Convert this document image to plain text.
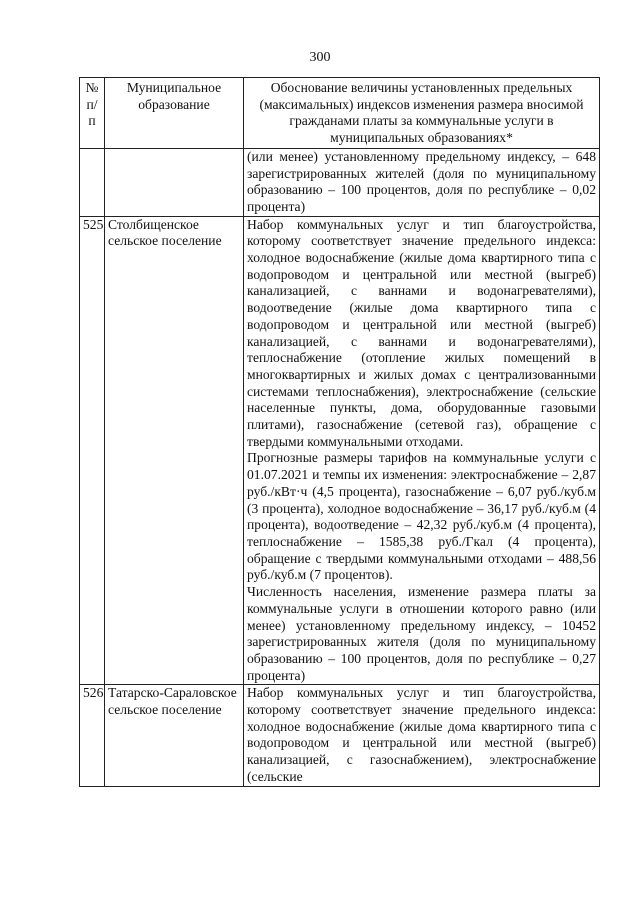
300
№ п/п	Муниципальное образование	Обоснование величины установленных предельных (максимальных) индексов изменения размера вносимой гражданами платы за коммунальные услуги в муниципальных образованиях*

		(или менее) установленному предельному индексу, – 648 зарегистрированных жителей (доля по муниципальному образованию – 100 процентов, доля по республике – 0,02 процента)

525	Столбищенское сельское поселение	Набор коммунальных услуг и тип благоустройства, которому соответствует значение предельного индекса: холодное водоснабжение (жилые дома квартирного типа с водопроводом и центральной или местной (выгреб) канализацией, с ваннами и водонагревателями), водоотведение (жилые дома квартирного типа с водопроводом и центральной или местной (выгреб) канализацией, с ваннами и водонагревателями), теплоснабжение (отопление жилых помещений в многоквартирных и жилых домах с централизованными системами теплоснабжения), электроснабжение (сельские населенные пункты, дома, оборудованные газовыми плитами), газоснабжение (сетевой газ), обращение с твердыми коммунальными отходами.

Прогнозные размеры тарифов на коммунальные услуги с 01.07.2021 и темпы их изменения: электроснабжение – 2,87 руб./кВт·ч (4,5 процента), газоснабжение – 6,07 руб./куб.м (3 процента), холодное водоснабжение – 36,17 руб./куб.м (4 процента), водоотведение – 42,32 руб./куб.м (4 процента), теплоснабжение – 1585,38 руб./Гкал (4 процента), обращение с твердыми коммунальными отходами – 488,56 руб./куб.м (7 процентов).

Численность населения, изменение размера платы за коммунальные услуги в отношении которого равно (или менее) установленному предельному индексу, – 10452 зарегистрированных жителя (доля по муниципальному образованию – 100 процентов, доля по республике – 0,27 процента)

526	Татарско-Сараловское сельское поселение	Набор коммунальных услуг и тип благоустройства, которому соответствует значение предельного индекса: холодное водоснабжение (жилые дома квартирного типа с водопроводом и центральной или местной (выгреб) канализацией, с газоснабжением), электроснабжение (сельские
